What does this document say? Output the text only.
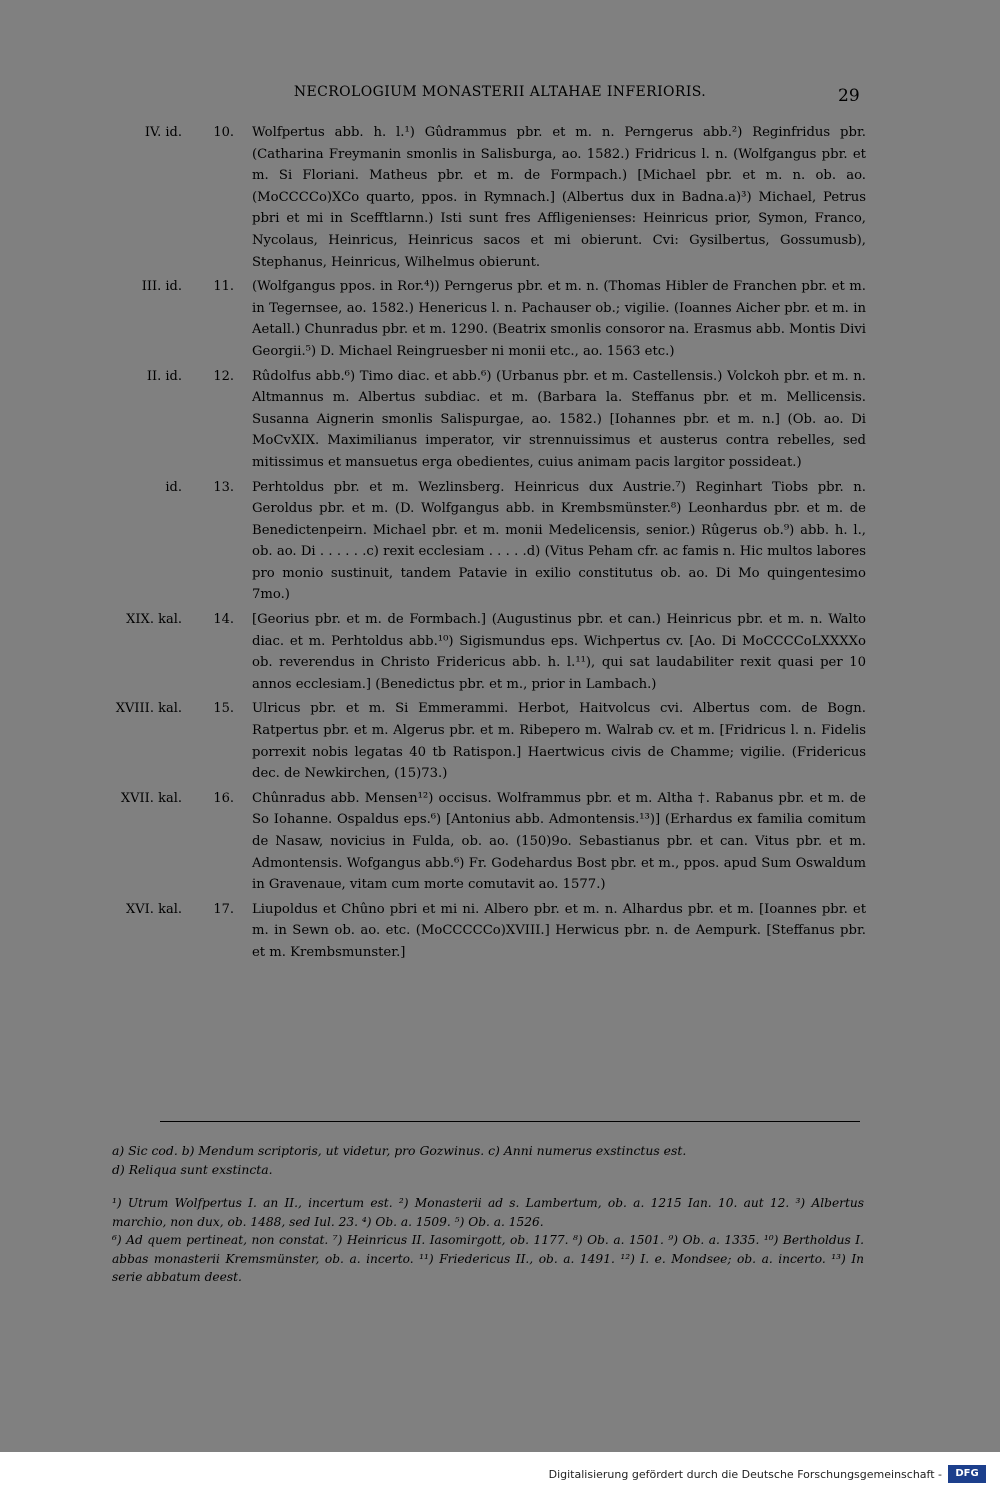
NECROLOGIUM MONASTERII ALTAHAE INFERIORIS.	29
IV. id. 10. Wolfpertus abb. h. l.¹) Gûdrammus pbr. et m. n. Perngerus abb.²) Reginfridus pbr. (Catharina Freymanin smonlis in Salisburga, ao. 1582.) Fridricus l. n. (Wolfgangus pbr. et m. Si Floriani. Matheus pbr. et m. de Formpach.) [Michael pbr. et m. n. ob. ao. (MoCCCCo)XCo quarto, ppos. in Rymnach.] (Albertus dux in Badna.a)³) Michael, Petrus pbri et mi in Scefftlarnn.) Isti sunt fres Affligenienses: Heinricus prior, Symon, Franco, Nycolaus, Heinricus, Heinricus sacos et mi obierunt. Cvi: Gysilbertus, Gossumusb), Stephanus, Heinricus, Wilhelmus obierunt.
III. id. 11. (Wolfgangus ppos. in Ror.⁴)) Perngerus pbr. et m. n. (Thomas Hibler de Franchen pbr. et m. in Tegernsee, ao. 1582.) Henericus l. n. Pachauser ob.; vigilie. (Ioannes Aicher pbr. et m. in Aetall.) Chunradus pbr. et m. 1290. (Beatrix smonlis consoror na. Erasmus abb. Montis Divi Georgii.⁵) D. Michael Reingruesber ni monii etc., ao. 1563 etc.)
II. id. 12. Rûdolfus abb.⁶) Timo diac. et abb.⁶) (Urbanus pbr. et m. Castellensis.) Volckoh pbr. et m. n. Altmannus m. Albertus subdiac. et m. (Barbara la. Steffanus pbr. et m. Mellicensis. Susanna Aignerin smonlis Salispurgae, ao. 1582.) [Iohannes pbr. et m. n.] (Ob. ao. Di MoCvXIX. Maximilianus imperator, vir strennuissimus et austerus contra rebelles, sed mitissimus et mansuetus erga obedientes, cuius animam pacis largitor possideat.)
id. 13. Perhtoldus pbr. et m. Wezlinsberg. Heinricus dux Austrie.⁷) Reginhart Tiobs pbr. n. Geroldus pbr. et m. (D. Wolfgangus abb. in Krembsmünster.⁸) Leonhardus pbr. et m. de Benedictenpeirn. Michael pbr. et m. monii Medelicensis, senior.) Rûgerus ob.⁹) abb. h. l., ob. ao. Di . . . . . .c) rexit ecclesiam . . . . .d) (Vitus Peham cfr. ac famis n. Hic multos labores pro monio sustinuit, tandem Patavie in exilio constitutus ob. ao. Di Mo quingentesimo 7mo.)
XIX. kal. 14. [Georius pbr. et m. de Formbach.] (Augustinus pbr. et can.) Heinricus pbr. et m. n. Walto diac. et m. Perhtoldus abb.¹⁰) Sigismundus eps. Wichpertus cv. [Ao. Di MoCCCCoLXXXXo ob. reverendus in Christo Fridericus abb. h. l.¹¹), qui sat laudabiliter rexit quasi per 10 annos ecclesiam.] (Benedictus pbr. et m., prior in Lambach.)
XVIII. kal. 15. Ulricus pbr. et m. Si Emmerammi. Herbot, Haitvolcus cvi. Albertus com. de Bogn. Ratpertus pbr. et m. Algerus pbr. et m. Ribepero m. Walrab cv. et m. [Fridricus l. n. Fidelis porrexit nobis legatas 40 tb Ratispon.] Haertwicus civis de Chamme; vigilie. (Fridericus dec. de Newkirchen, (15)73.)
XVII. kal. 16. Chûnradus abb. Mensen¹²) occisus. Wolframmus pbr. et m. Altha †. Rabanus pbr. et m. de So Iohanne. Ospaldus eps.⁶) [Antonius abb. Admontensis.¹³)] (Erhardus ex familia comitum de Nasaw, novicius in Fulda, ob. ao. (150)9o. Sebastianus pbr. et can. Vitus pbr. et m. Admontensis. Wofgangus abb.⁶) Fr. Godehardus Bost pbr. et m., ppos. apud Sum Oswaldum in Gravenaue, vitam cum morte comutavit ao. 1577.)
XVI. kal. 17. Liupoldus et Chûno pbri et mi ni. Albero pbr. et m. n. Alhardus pbr. et m. [Ioannes pbr. et m. in Sewn ob. ao. etc. (MoCCCCCo)XVIII.] Herwicus pbr. n. de Aempurk. [Steffanus pbr. et m. Krembsmunster.]

a) Sic cod. b) Mendum scriptoris, ut videtur, pro Gozwinus. c) Anni numerus exstinctus est.

d) Reliqua sunt exstincta.

¹) Utrum Wolfpertus I. an II., incertum est. ²) Monasterii ad s. Lambertum, ob. a. 1215 Ian. 10. aut 12. ³) Albertus marchio, non dux, ob. 1488, sed Iul. 23. ⁴) Ob. a. 1509. ⁵) Ob. a. 1526.

⁶) Ad quem pertineat, non constat. ⁷) Heinricus II. Iasomirgott, ob. 1177. ⁸) Ob. a. 1501. ⁹) Ob. a. 1335. ¹⁰) Bertholdus I. abbas monasterii Kremsmünster, ob. a. incerto. ¹¹) Friedericus II., ob. a. 1491. ¹²) I. e. Mondsee; ob. a. incerto. ¹³) In serie abbatum deest.

Digitalisierung gefördert durch die Deutsche Forschungsgemeinschaft -	DFG
